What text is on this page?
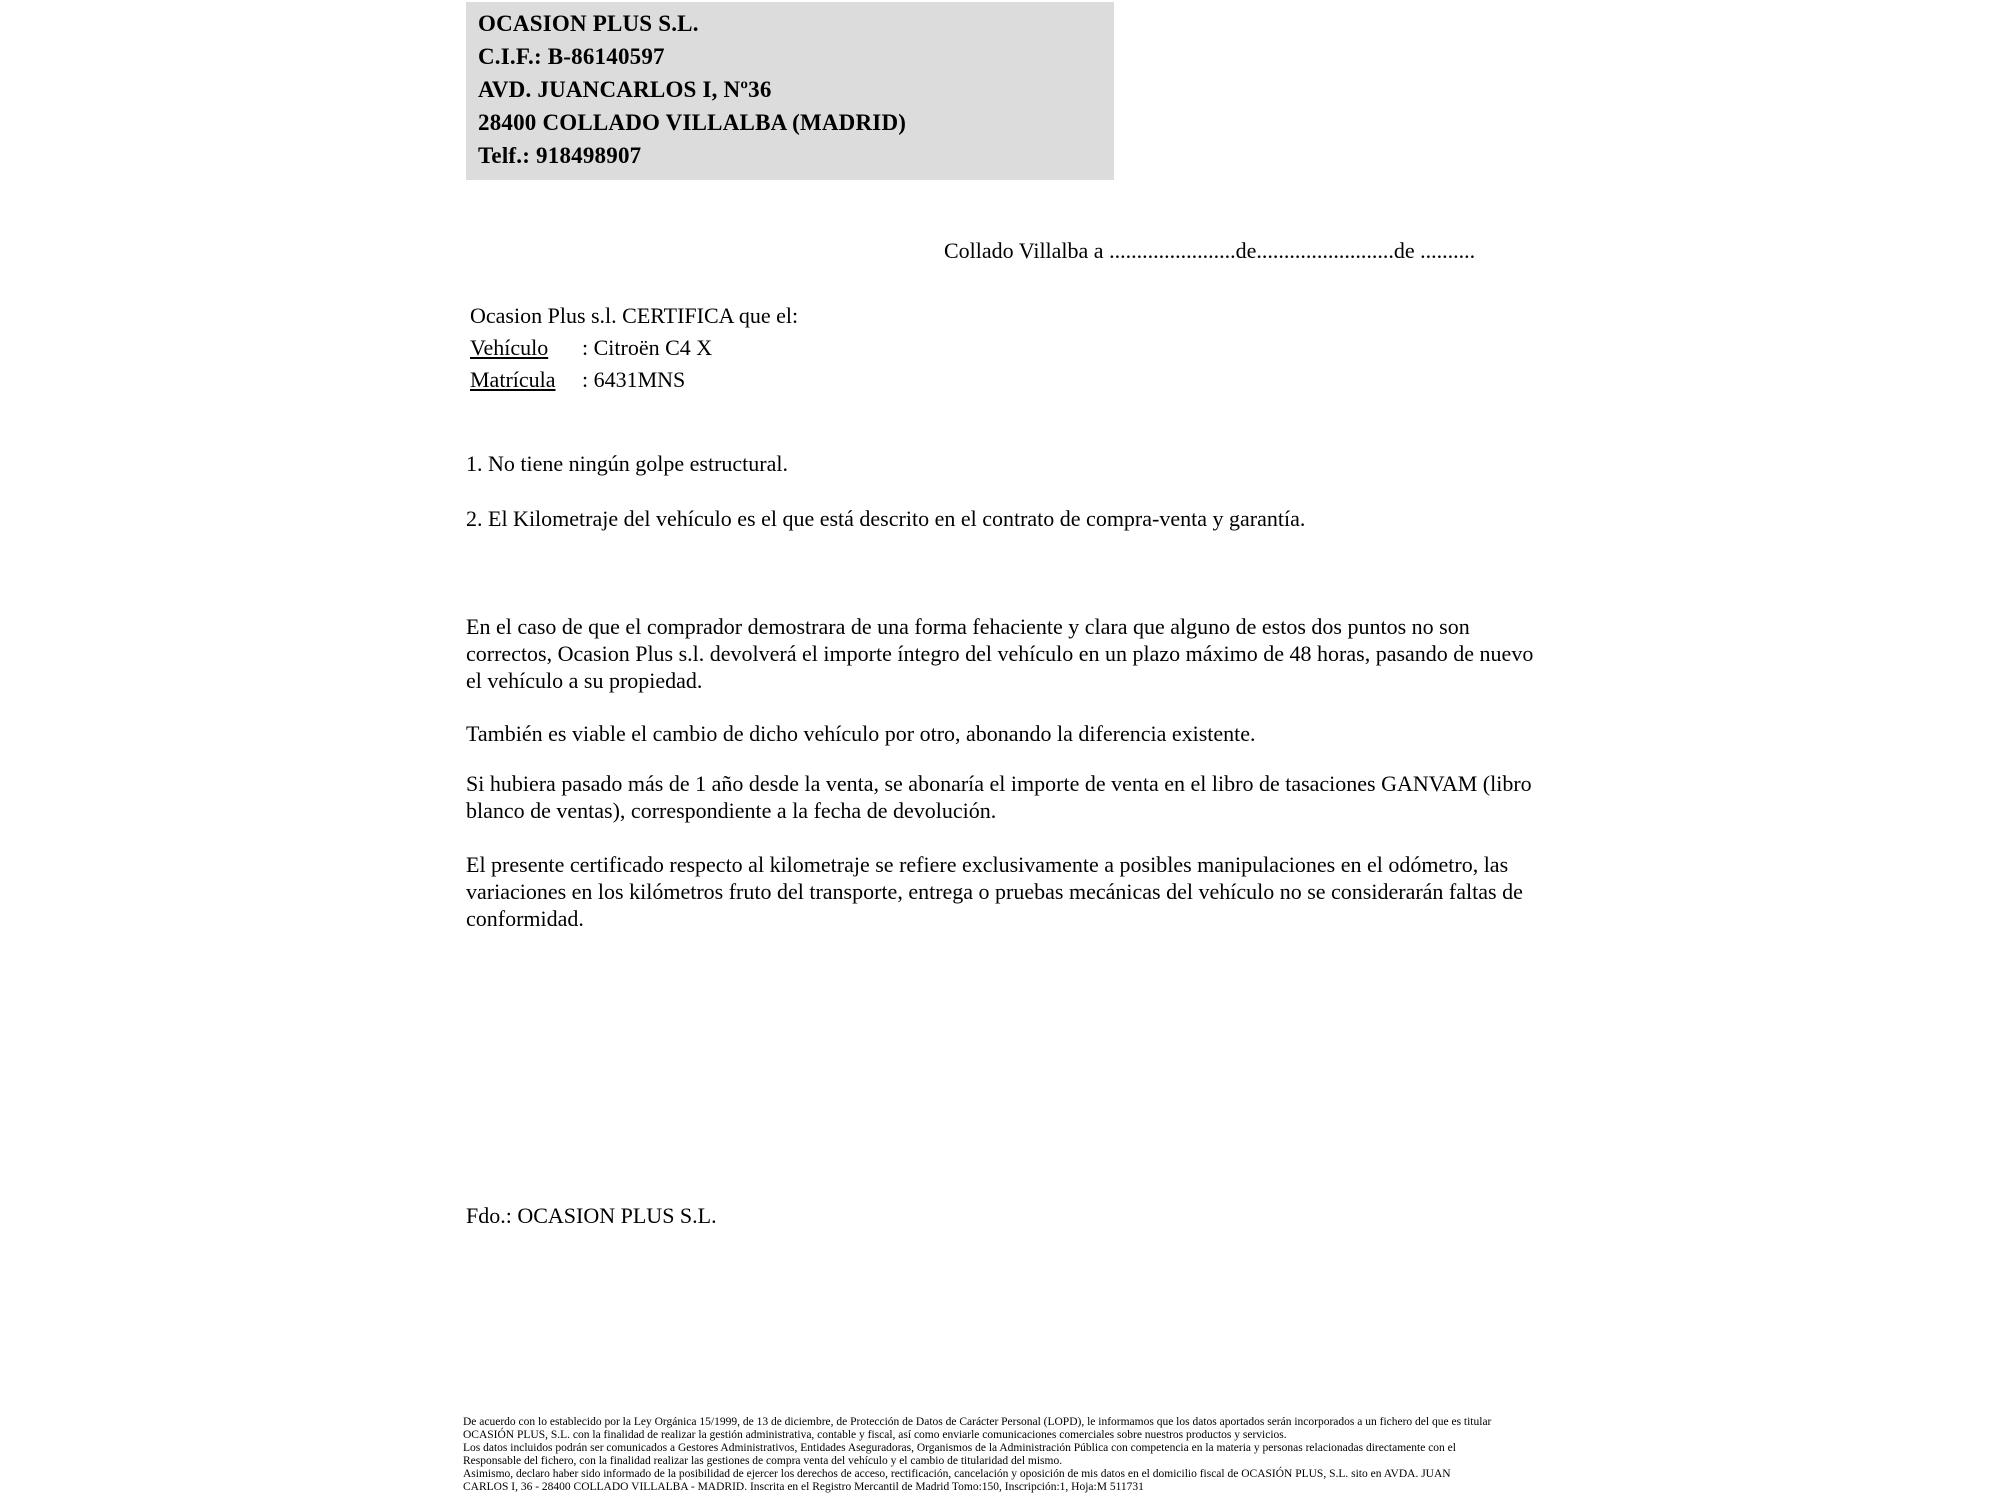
OCASION PLUS S.L.
C.I.F.: B-86140597
AVD. JUANCARLOS I, Nº36
28400 COLLADO VILLALBA (MADRID)
Telf.: 918498907
Collado Villalba a .......................de.........................de ..........
Ocasion Plus s.l. CERTIFICA que el:
Vehículo : Citroën C4 X
Matrícula : 6431MNS
1. No tiene ningún golpe estructural.
2. El Kilometraje del vehículo es el que está descrito en el contrato de compra-venta y garantía.
En el caso de que el comprador demostrara de una forma fehaciente y clara que alguno de estos dos puntos no son correctos, Ocasion Plus s.l. devolverá el importe íntegro del vehículo en un plazo máximo de 48 horas, pasando de nuevo el vehículo a su propiedad.
También es viable el cambio de dicho vehículo por otro, abonando la diferencia existente.
Si hubiera pasado más de 1 año desde la venta, se abonaría el importe de venta en el libro de tasaciones GANVAM (libro blanco de ventas), correspondiente a la fecha de devolución.
El presente certificado respecto al kilometraje se refiere exclusivamente a posibles manipulaciones en el odómetro, las variaciones en los kilómetros fruto del transporte, entrega o pruebas mecánicas del vehículo no se considerarán faltas de conformidad.
Fdo.: OCASION PLUS S.L.
De acuerdo con lo establecido por la Ley Orgánica 15/1999, de 13 de diciembre, de Protección de Datos de Carácter Personal (LOPD), le informamos que los datos aportados serán incorporados a un fichero del que es titular
OCASIÓN PLUS, S.L. con la finalidad de realizar la gestión administrativa, contable y fiscal, así como enviarle comunicaciones comerciales sobre nuestros productos y servicios.
Los datos incluidos podrán ser comunicados a Gestores Administrativos, Entidades Aseguradoras, Organismos de la Administración Pública con competencia en la materia y personas relacionadas directamente con el
Responsable del fichero, con la finalidad realizar las gestiones de compra venta del vehículo y el cambio de titularidad del mismo.
Asimismo, declaro haber sido informado de la posibilidad de ejercer los derechos de acceso, rectificación, cancelación y oposición de mis datos en el domicilio fiscal de OCASIÓN PLUS, S.L. sito en AVDA. JUAN
CARLOS I, 36 - 28400 COLLADO VILLALBA - MADRID. Inscrita en el Registro Mercantil de Madrid Tomo:150, Inscripción:1, Hoja:M 511731
